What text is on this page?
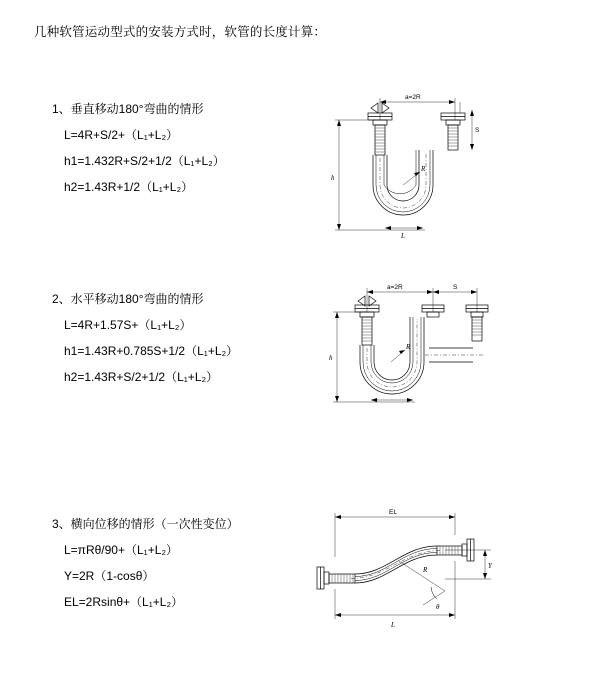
几种软管运动型式的安装方式时，软管的长度计算：
1、垂直移动180°弯曲的情形
L=4R+S/2+（L₁+L₂）
h1=1.432R+S/2+1/2（L₁+L₂）
h2=1.43R+1/2（L₁+L₂）
a=2R
S
h
R
L
2、水平移动180°弯曲的情形
L=4R+1.57S+（L₁+L₂）
h1=1.43R+0.785S+1/2（L₁+L₂）
h2=1.43R+S/2+1/2（L₁+L₂）
a=2R	S
h
R
3、横向位移的情形（一次性变位）
L=πRθ/90+（L₁+L₂）
Y=2R（1-cosθ）
EL=2Rsinθ+（L₁+L₂）
EL
Y
R
θ
L
